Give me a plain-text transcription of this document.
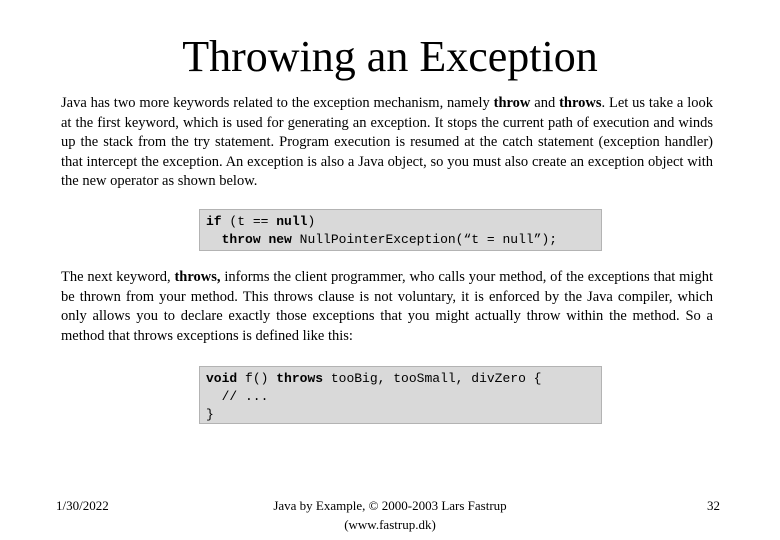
Throwing an Exception
Java has two more keywords related to the exception mechanism, namely throw and throws. Let us take a look at the first keyword, which is used for generating an exception. It stops the current path of execution and winds up the stack from the try statement. Program execution is resumed at the catch statement (exception handler) that intercept the exception. An exception is also a Java object, so you must also create an exception object with the new operator as shown below.
if (t == null)
throw new NullPointerException(“t = null”);
The next keyword, throws, informs the client programmer, who calls your method, of the exceptions that might be thrown from your method. This throws clause is not voluntary, it is enforced by the Java compiler, which only allows you to declare exactly those exceptions that you might actually throw within the method. So a method that throws exceptions is defined like this:
void f() throws tooBig, tooSmall, divZero {
// ...
}
1/30/2022	Java by Example, © 2000-2003 Lars Fastrup
(www.fastrup.dk)
32
